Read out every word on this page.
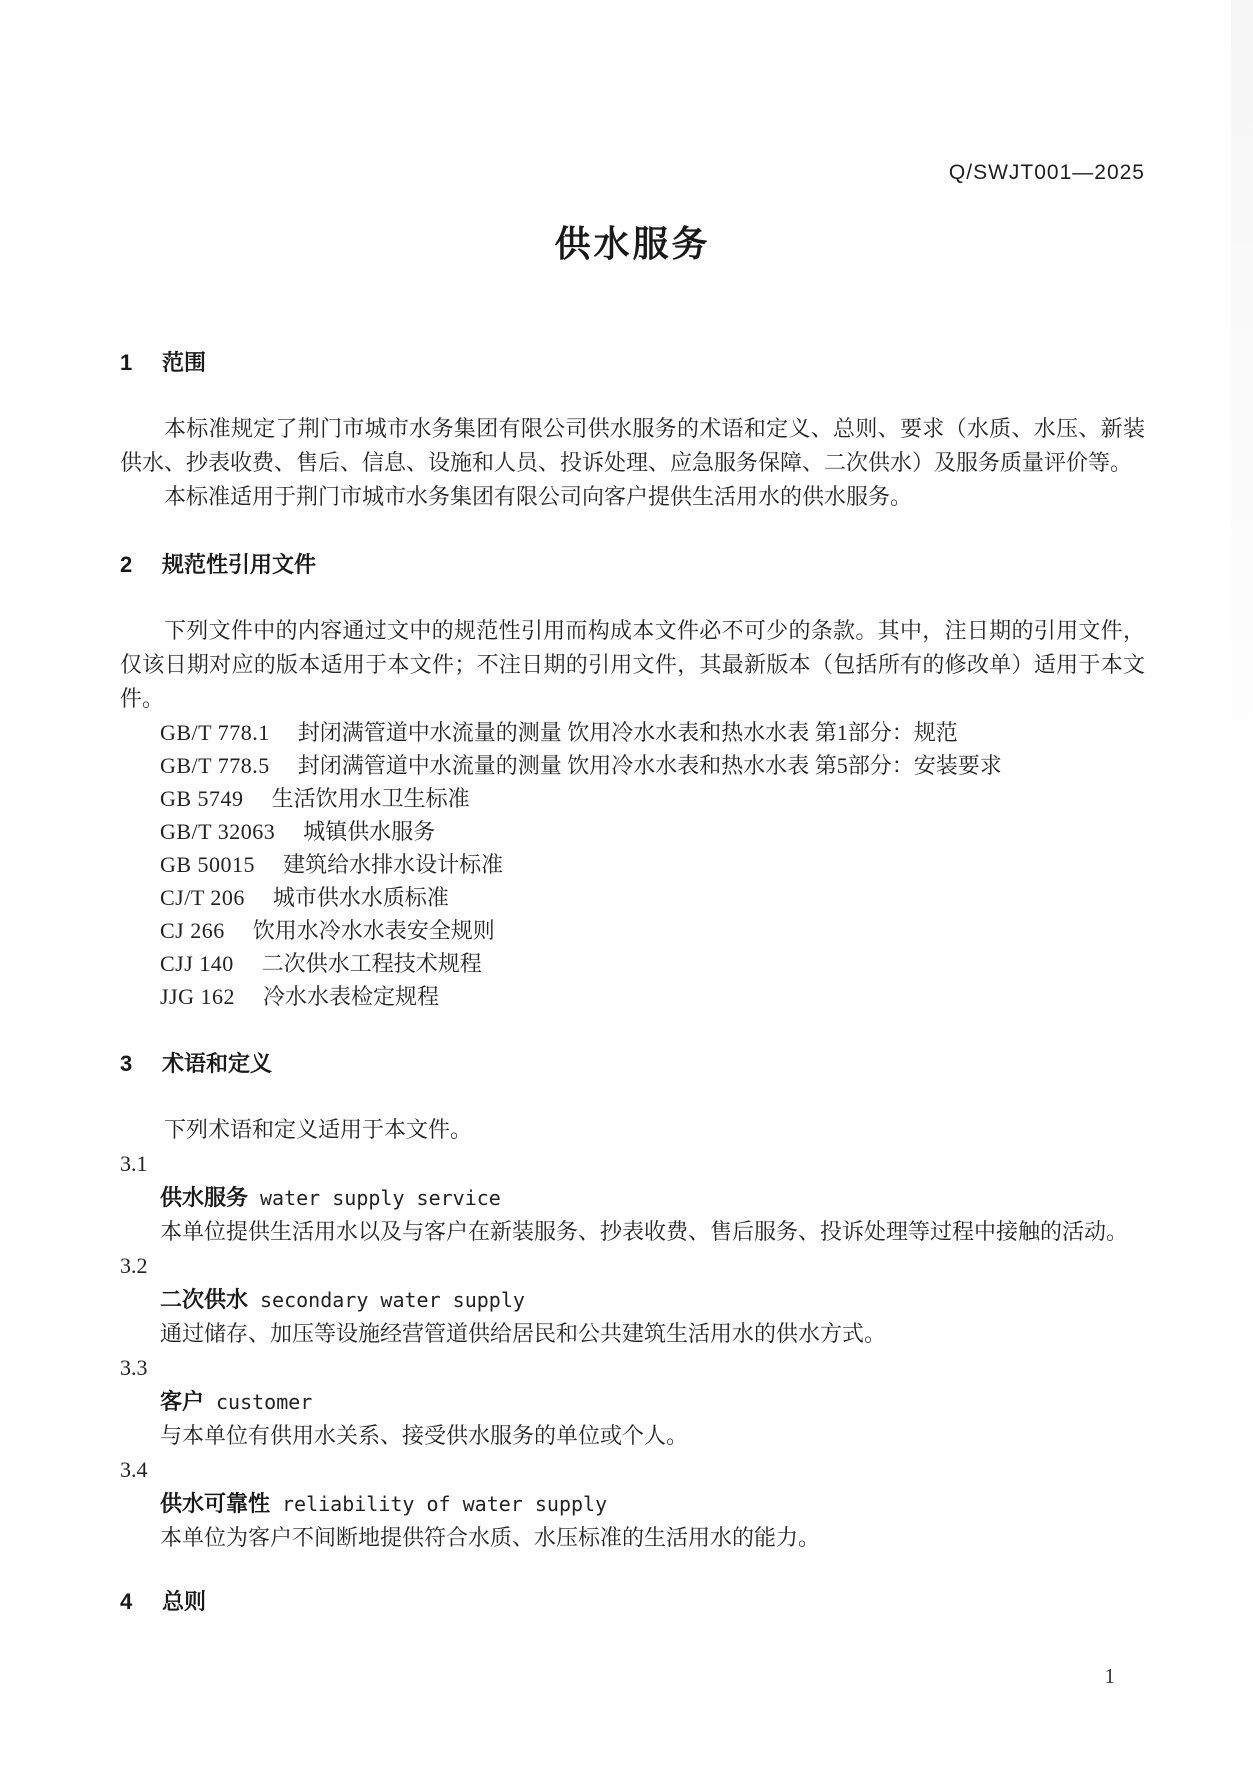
Q/SWJT001—2025
供水服务
1 范围

本标准规定了荆门市城市水务集团有限公司供水服务的术语和定义、总则、要求（水质、水压、新装供水、抄表收费、售后、信息、设施和人员、投诉处理、应急服务保障、二次供水）及服务质量评价等。

本标准适用于荆门市城市水务集团有限公司向客户提供生活用水的供水服务。

2 规范性引用文件

下列文件中的内容通过文中的规范性引用而构成本文件必不可少的条款。其中，注日期的引用文件，仅该日期对应的版本适用于本文件；不注日期的引用文件，其最新版本（包括所有的修改单）适用于本文件。

GB/T 778.1 封闭满管道中水流量的测量 饮用冷水水表和热水水表 第1部分：规范
GB/T 778.5 封闭满管道中水流量的测量 饮用冷水水表和热水水表 第5部分：安装要求
GB 5749 生活饮用水卫生标准
GB/T 32063 城镇供水服务
GB 50015 建筑给水排水设计标准
CJ/T 206 城市供水水质标准
CJ 266 饮用水冷水水表安全规则
CJJ 140 二次供水工程技术规程
JJG 162 冷水水表检定规程
3 术语和定义

下列术语和定义适用于本文件。

3.1
供水服务 water supply service
本单位提供生活用水以及与客户在新装服务、抄表收费、售后服务、投诉处理等过程中接触的活动。
3.2
二次供水 secondary water supply
通过储存、加压等设施经营管道供给居民和公共建筑生活用水的供水方式。
3.3
客户 customer
与本单位有供用水关系、接受供水服务的单位或个人。
3.4
供水可靠性 reliability of water supply
本单位为客户不间断地提供符合水质、水压标准的生活用水的能力。
4 总则
1
